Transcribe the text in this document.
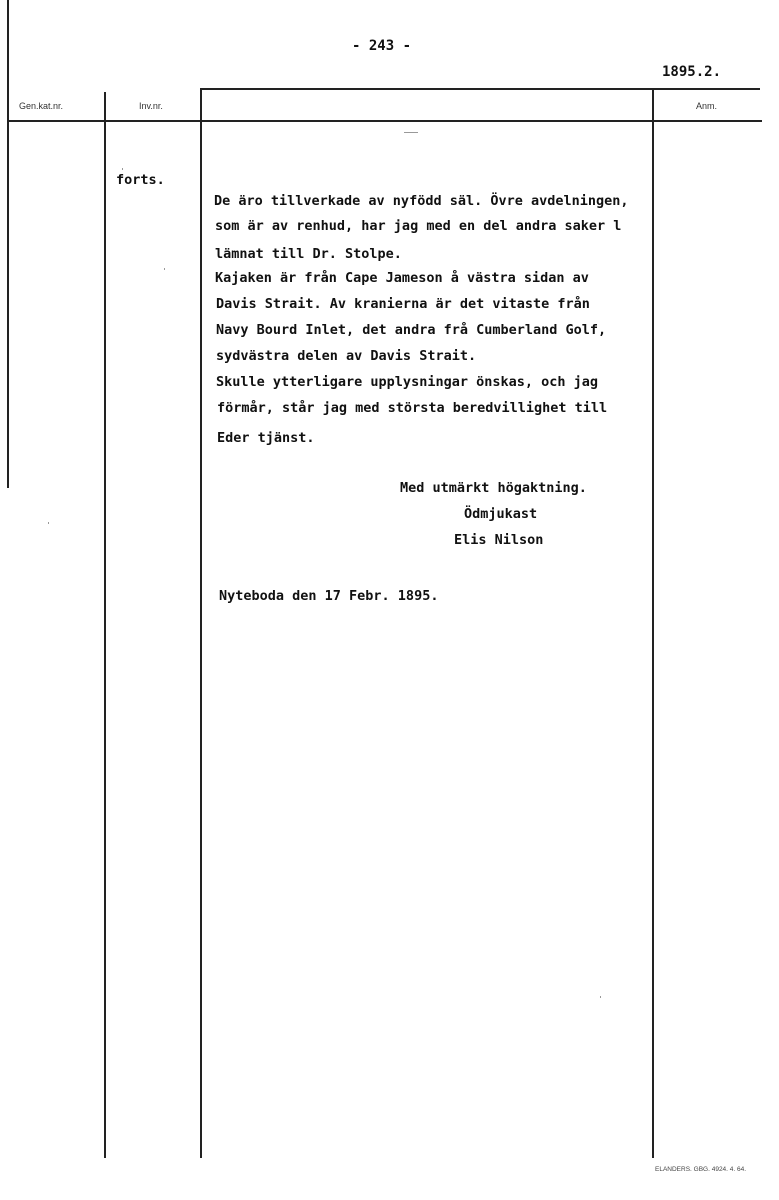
- 243 -
1895.2.
Gen.kat.nr.	Inv.nr.	Anm.
forts.
De äro tillverkade av nyfödd säl. Övre avdelningen,
som är av renhud, har jag med en del andra saker l
lämnat till Dr. Stolpe.
Kajaken är från Cape Jameson å västra sidan av
Davis Strait. Av kranierna är det vitaste från
Navy Bourd Inlet, det andra frå Cumberland Golf,
sydvästra delen av Davis Strait.
Skulle ytterligare upplysningar önskas, och jag
förmår, står jag med största beredvillighet till
Eder tjänst.
Med utmärkt högaktning.
Ödmjukast
Elis Nilson
Nyteboda den 17 Febr. 1895.
ELANDERS. GBG. 4924. 4. 64.
